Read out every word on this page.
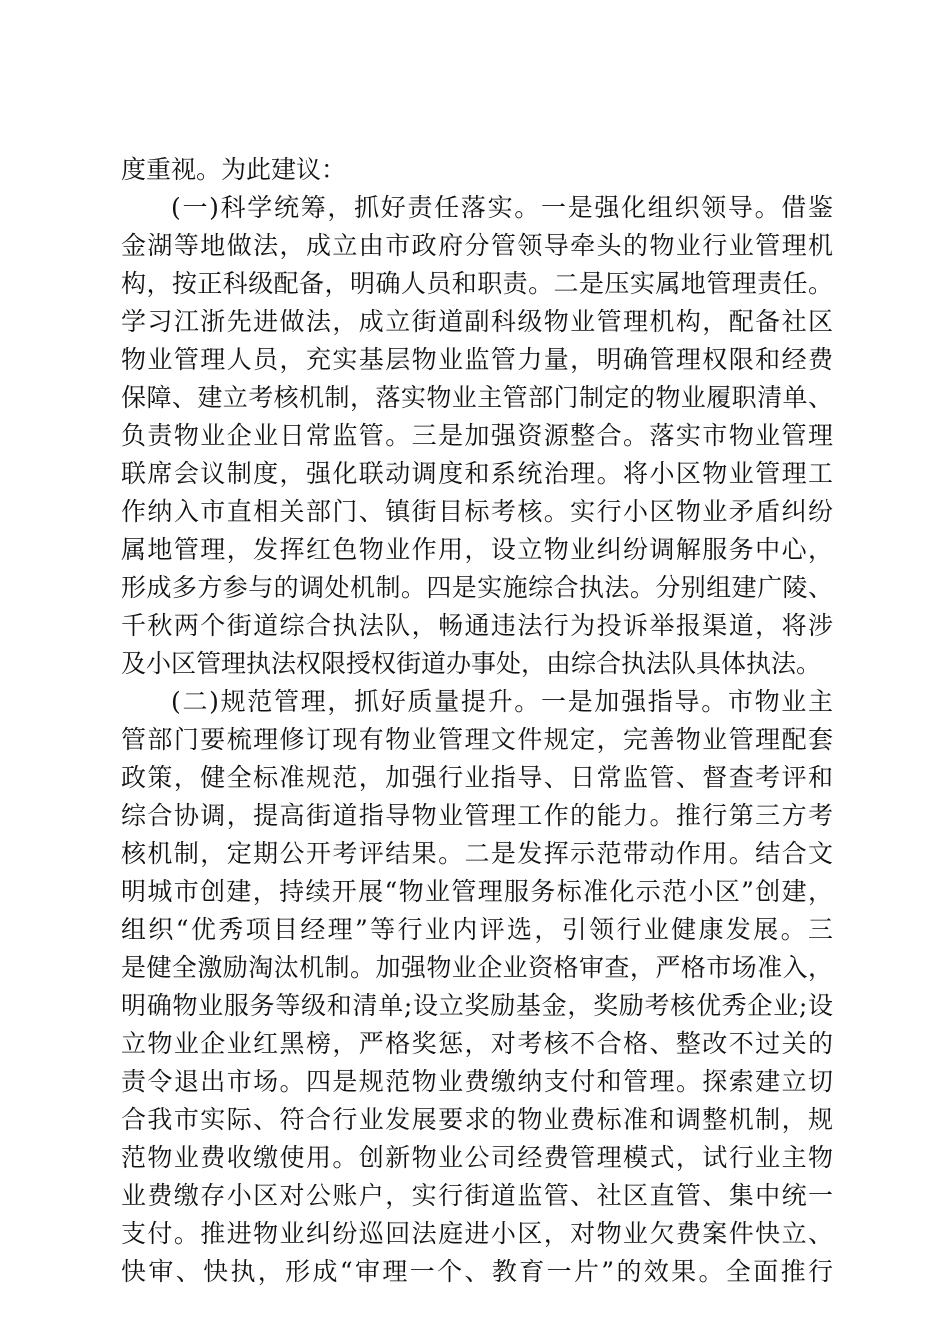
度重视。为此建议：
(一)科学统筹，抓好责任落实。一是强化组织领导。借鉴
金湖等地做法，成立由市政府分管领导牵头的物业行业管理机
构，按正科级配备，明确人员和职责。二是压实属地管理责任。
学习江浙先进做法，成立街道副科级物业管理机构，配备社区
物业管理人员，充实基层物业监管力量，明确管理权限和经费
保障、建立考核机制，落实物业主管部门制定的物业履职清单、
负责物业企业日常监管。三是加强资源整合。落实市物业管理
联席会议制度，强化联动调度和系统治理。将小区物业管理工
作纳入市直相关部门、镇街目标考核。实行小区物业矛盾纠纷
属地管理，发挥红色物业作用，设立物业纠纷调解服务中心，
形成多方参与的调处机制。四是实施综合执法。分别组建广陵、
千秋两个街道综合执法队，畅通违法行为投诉举报渠道，将涉
及小区管理执法权限授权街道办事处，由综合执法队具体执法。
(二)规范管理，抓好质量提升。一是加强指导。市物业主
管部门要梳理修订现有物业管理文件规定，完善物业管理配套
政策，健全标准规范，加强行业指导、日常监管、督查考评和
综合协调，提高街道指导物业管理工作的能力。推行第三方考
核机制，定期公开考评结果。二是发挥示范带动作用。结合文
明城市创建，持续开展“物业管理服务标准化示范小区”创建，
组织“优秀项目经理”等行业内评选，引领行业健康发展。三
是健全激励淘汰机制。加强物业企业资格审查，严格市场准入，
明确物业服务等级和清单;设立奖励基金，奖励考核优秀企业;设
立物业企业红黑榜，严格奖惩，对考核不合格、整改不过关的
责令退出市场。四是规范物业费缴纳支付和管理。探索建立切
合我市实际、符合行业发展要求的物业费标准和调整机制，规
范物业费收缴使用。创新物业公司经费管理模式，试行业主物
业费缴存小区对公账户，实行街道监管、社区直管、集中统一
支付。推进物业纠纷巡回法庭进小区，对物业欠费案件快立、
快审、快执，形成“审理一个、教育一片”的效果。全面推行
